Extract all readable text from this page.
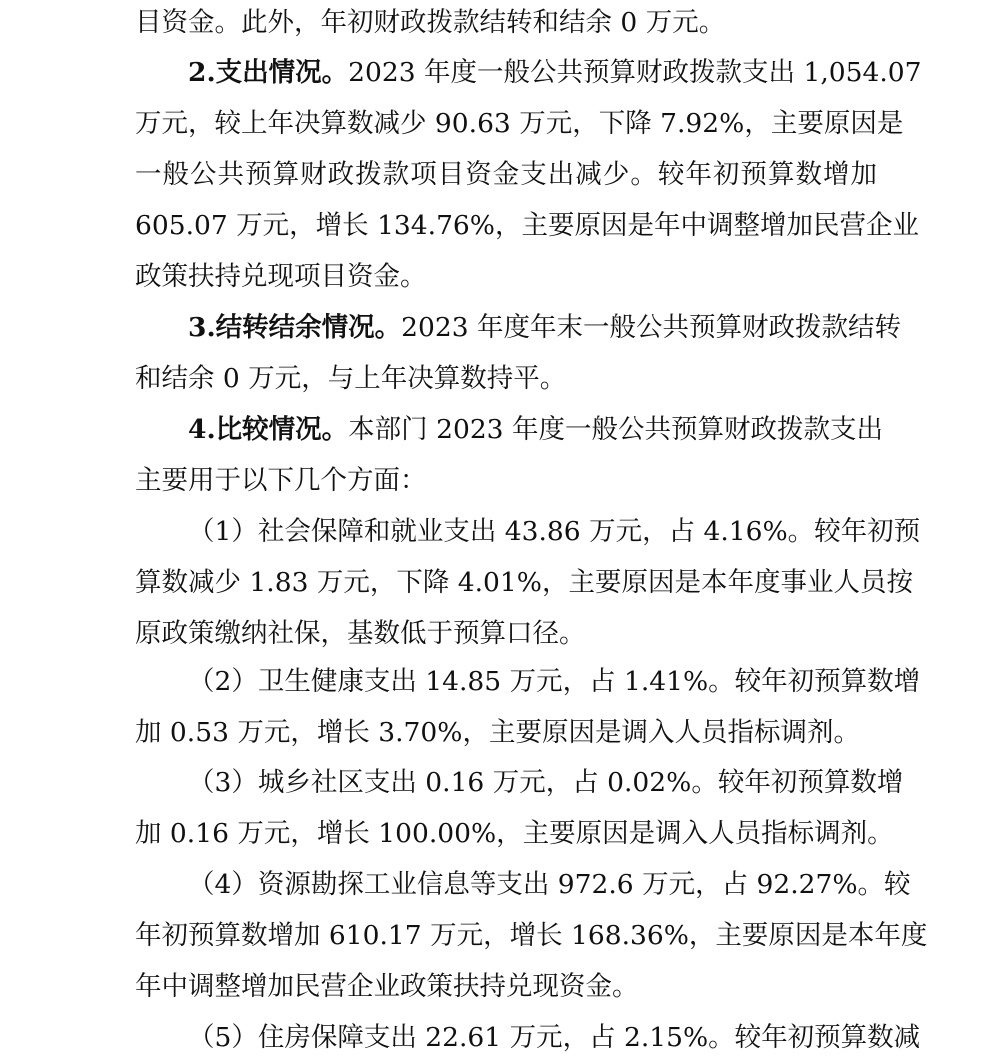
目资金。此外，年初财政拨款结转和结余 0 万元。
2.支出情况。2023 年度一般公共预算财政拨款支出 1,054.07
万元，较上年决算数减少 90.63 万元，下降 7.92%，主要原因是
一般公共预算财政拨款项目资金支出减少。较年初预算数增加
605.07 万元，增长 134.76%，主要原因是年中调整增加民营企业
政策扶持兑现项目资金。
3.结转结余情况。2023 年度年末一般公共预算财政拨款结转
和结余 0 万元，与上年决算数持平。
4.比较情况。本部门 2023 年度一般公共预算财政拨款支出
主要用于以下几个方面：
（1）社会保障和就业支出 43.86 万元，占 4.16%。较年初预
算数减少 1.83 万元，下降 4.01%，主要原因是本年度事业人员按
原政策缴纳社保，基数低于预算口径。
（2）卫生健康支出 14.85 万元，占 1.41%。较年初预算数增
加 0.53 万元，增长 3.70%，主要原因是调入人员指标调剂。
（3）城乡社区支出 0.16 万元，占 0.02%。较年初预算数增
加 0.16 万元，增长 100.00%，主要原因是调入人员指标调剂。
（4）资源勘探工业信息等支出 972.6 万元，占 92.27%。较
年初预算数增加 610.17 万元，增长 168.36%，主要原因是本年度
年中调整增加民营企业政策扶持兑现资金。
（5）住房保障支出 22.61 万元，占 2.15%。较年初预算数减
